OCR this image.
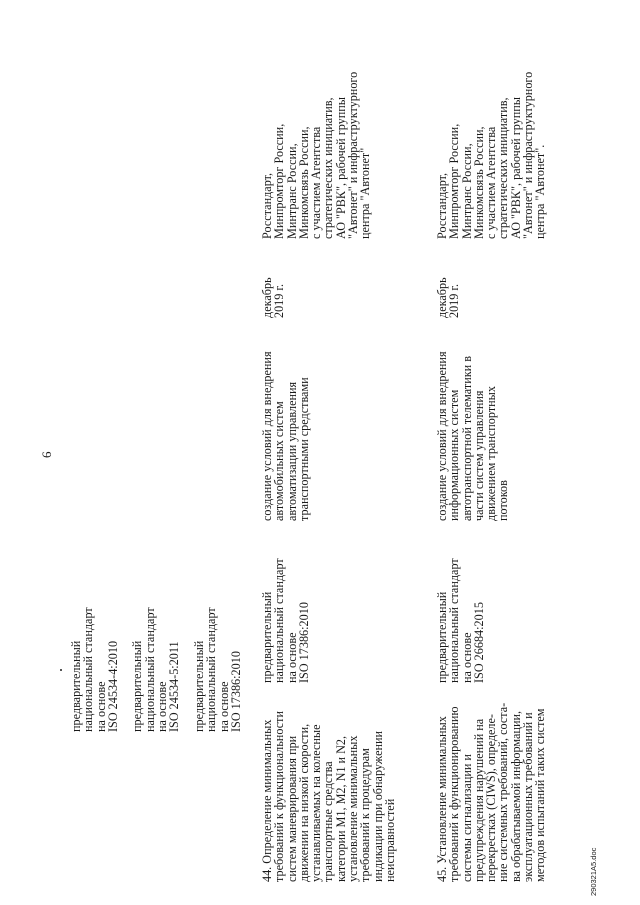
6
предварительный
национальный стандарт
на основе
ISO 24534-4:2010

предварительный
национальный стандарт
на основе
ISO 24534-5:2011

предварительный
национальный стандарт
на основе
ISO 17386:2010
44. Определение минимальных
требований к функциональности
систем маневрирования при
движении на низкой скорости,
устанавливаемых на колесные
транспортные средства
категории М1, М2, N1 и N2,
установление минимальных
требований к процедурам
индикации при обнаружении
неисправностей
предварительный
национальный стандарт
на основе
ISO 17386:2010
создание условий для внедрения
автомобильных систем
автоматизации управления
транспортными средствами
декабрь
2019 г.
Росстандарт,
Минпромторг России,
Минтранс России,
Минкомсвязь России,
с участием Агентства
стратегических инициатив,
АО "РВК", рабочей группы
"Автонет" и инфраструктурного
центра "Автонет"
45. Установление минимальных
требований к функционированию
системы сигнализации и
предупреждения нарушений на
перекрестках (CIWS), определе-
ние системных требований, соста-
ва обрабатываемой информации,
эксплуатационных требований и
методов испытаний таких систем
предварительный
национальный стандарт
на основе
ISO 26684:2015
создание условий для внедрения
информационных систем
автотранспортной телематики в
части систем управления
движением транспортных
потоков
декабрь
2019 г.
Росстандарт,
Минпромторг России,
Минтранс России,
Минкомсвязь России,
с участием Агентства
стратегических инициатив,
АО "РВК", рабочей группы
"Автонет" и инфраструктурного
центра "Автонет".
290321A5.doc
